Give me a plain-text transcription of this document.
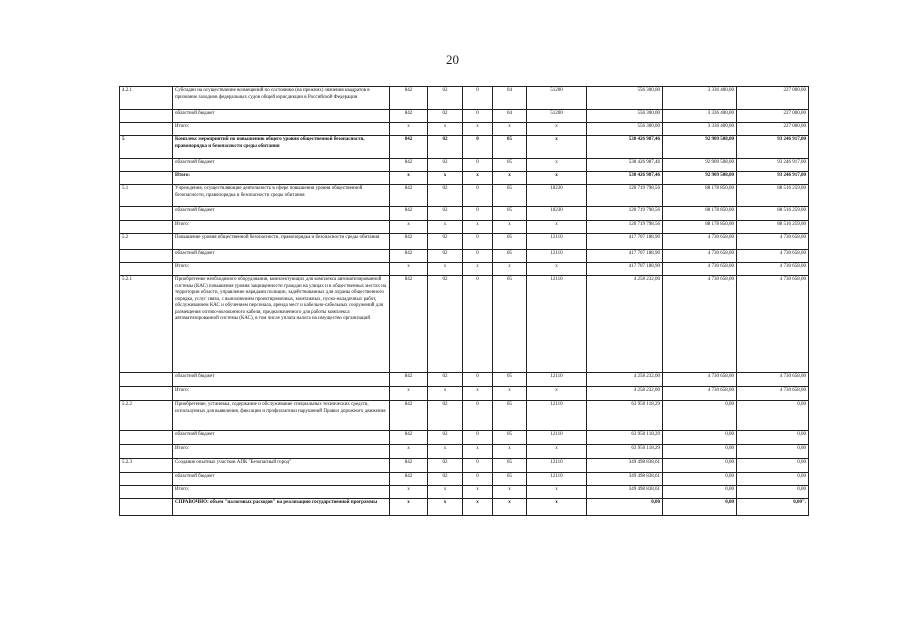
20
4.2.1	Субсидии на осуществление возмещений по состоянию (на прежних) значения квадратов в признание заходнов федеральных судов общей юрисдикции в Российской Федерации	842	02	0	04	51200	556 300,00	3 336 400,00	227 000,00
	областной бюджет	842	02	0	04	51200	556 300,00	3 336 400,00	227 000,00
	Итого:	x	x	x	x	x	556 300,00	3 336 400,00	227 000,00
5	Комплекс мероприятий по повышению общего уровня общественной безопасности, правопорядка и безопасности среды обитания	842	02	0	05	x	538 426 987,46	92 909 508,00	93 246 917,00
	областной бюджет	842	02	0	05	x	538 426 987,46	92 909 508,00	93 246 917,00
	Итого:	x	x	x	x	x	538 426 987,46	92 909 508,00	93 246 917,00
5.1	Учреждения, осуществляющие деятельность в сфере повышения уровня общественной безопасности, правопорядка и безопасности среды обитания	842	02	0	05	10230	120 719 798,56	88 178 850,00	88 516 259,00
	областной бюджет	842	02	0	05	10230	120 719 798,56	88 178 850,00	88 516 259,00
	Итого:	x	x	x	x	x	120 719 798,56	88 178 850,00	88 516 259,00
5.2	Повышение уровня общественной безопасности, правопорядка и безопасности среды обитания	842	02	0	05	12110	417 707 188,90	4 730 658,00	4 730 658,00
	областной бюджет	842	02	0	05	12110	417 707 188,90	4 730 658,00	4 730 658,00
	Итого:	x	x	x	x	x	417 707 188,90	4 730 658,00	4 730 658,00
5.2.1	Приобретение необходимого оборудования, комплектующих для комплекса автоматизированной системы (КАС) повышения уровня защищенности граждан на улицах и в общественных местах на территории области, управление нарядами полиции, задействованных для охраны общественного порядка, услуг связи, с выполнением проектировочных, монтажных, пуско-наладочных работ, обслуживанием КАС и обучением персонала, аренда мест и кабельно-сабельных сооружений для размещения оптико-волоконного кабеля, предназначенного для работы комплекса автоматизированной системы (КАС), в том числе уплата налога на имущество организаций	842	02	0	05	12110	4 258 232,00	4 730 658,00	4 730 658,00
	областной бюджет	842	02	0	05	12110	4 258 232,00	4 730 658,00	4 730 658,00
	Итого:	x	x	x	x	x	4 258 232,00	4 730 658,00	4 730 658,00
5.2.2	Приобретение, установка, содержание и обслуживание специальных технических средств, используемых для выявления, фиксации и профилактики нарушений Правил дорожного движения	842	02	0	05	12110	63 950 118,29	0,00	0,00
	областной бюджет	842	02	0	05	12110	63 950 118,29	0,00	0,00
	Итого:	x	x	x	x	x	63 950 118,29	0,00	0,00
5.2.3	Создание опытных участков АПК "Безопасный город"	842	02	0	05	12110	349 498 838,61	0,00	0,00
	областной бюджет	842	02	0	05	12110	349 498 838,61	0,00	0,00
	Итого:	x	x	x	x	x	349 498 838,61	0,00	0,00
	СПРАВОЧНО: объем "налоговых расходов" на реализацию государственной программы	x	x	x	x	x	0,00	0,00	0,00".
